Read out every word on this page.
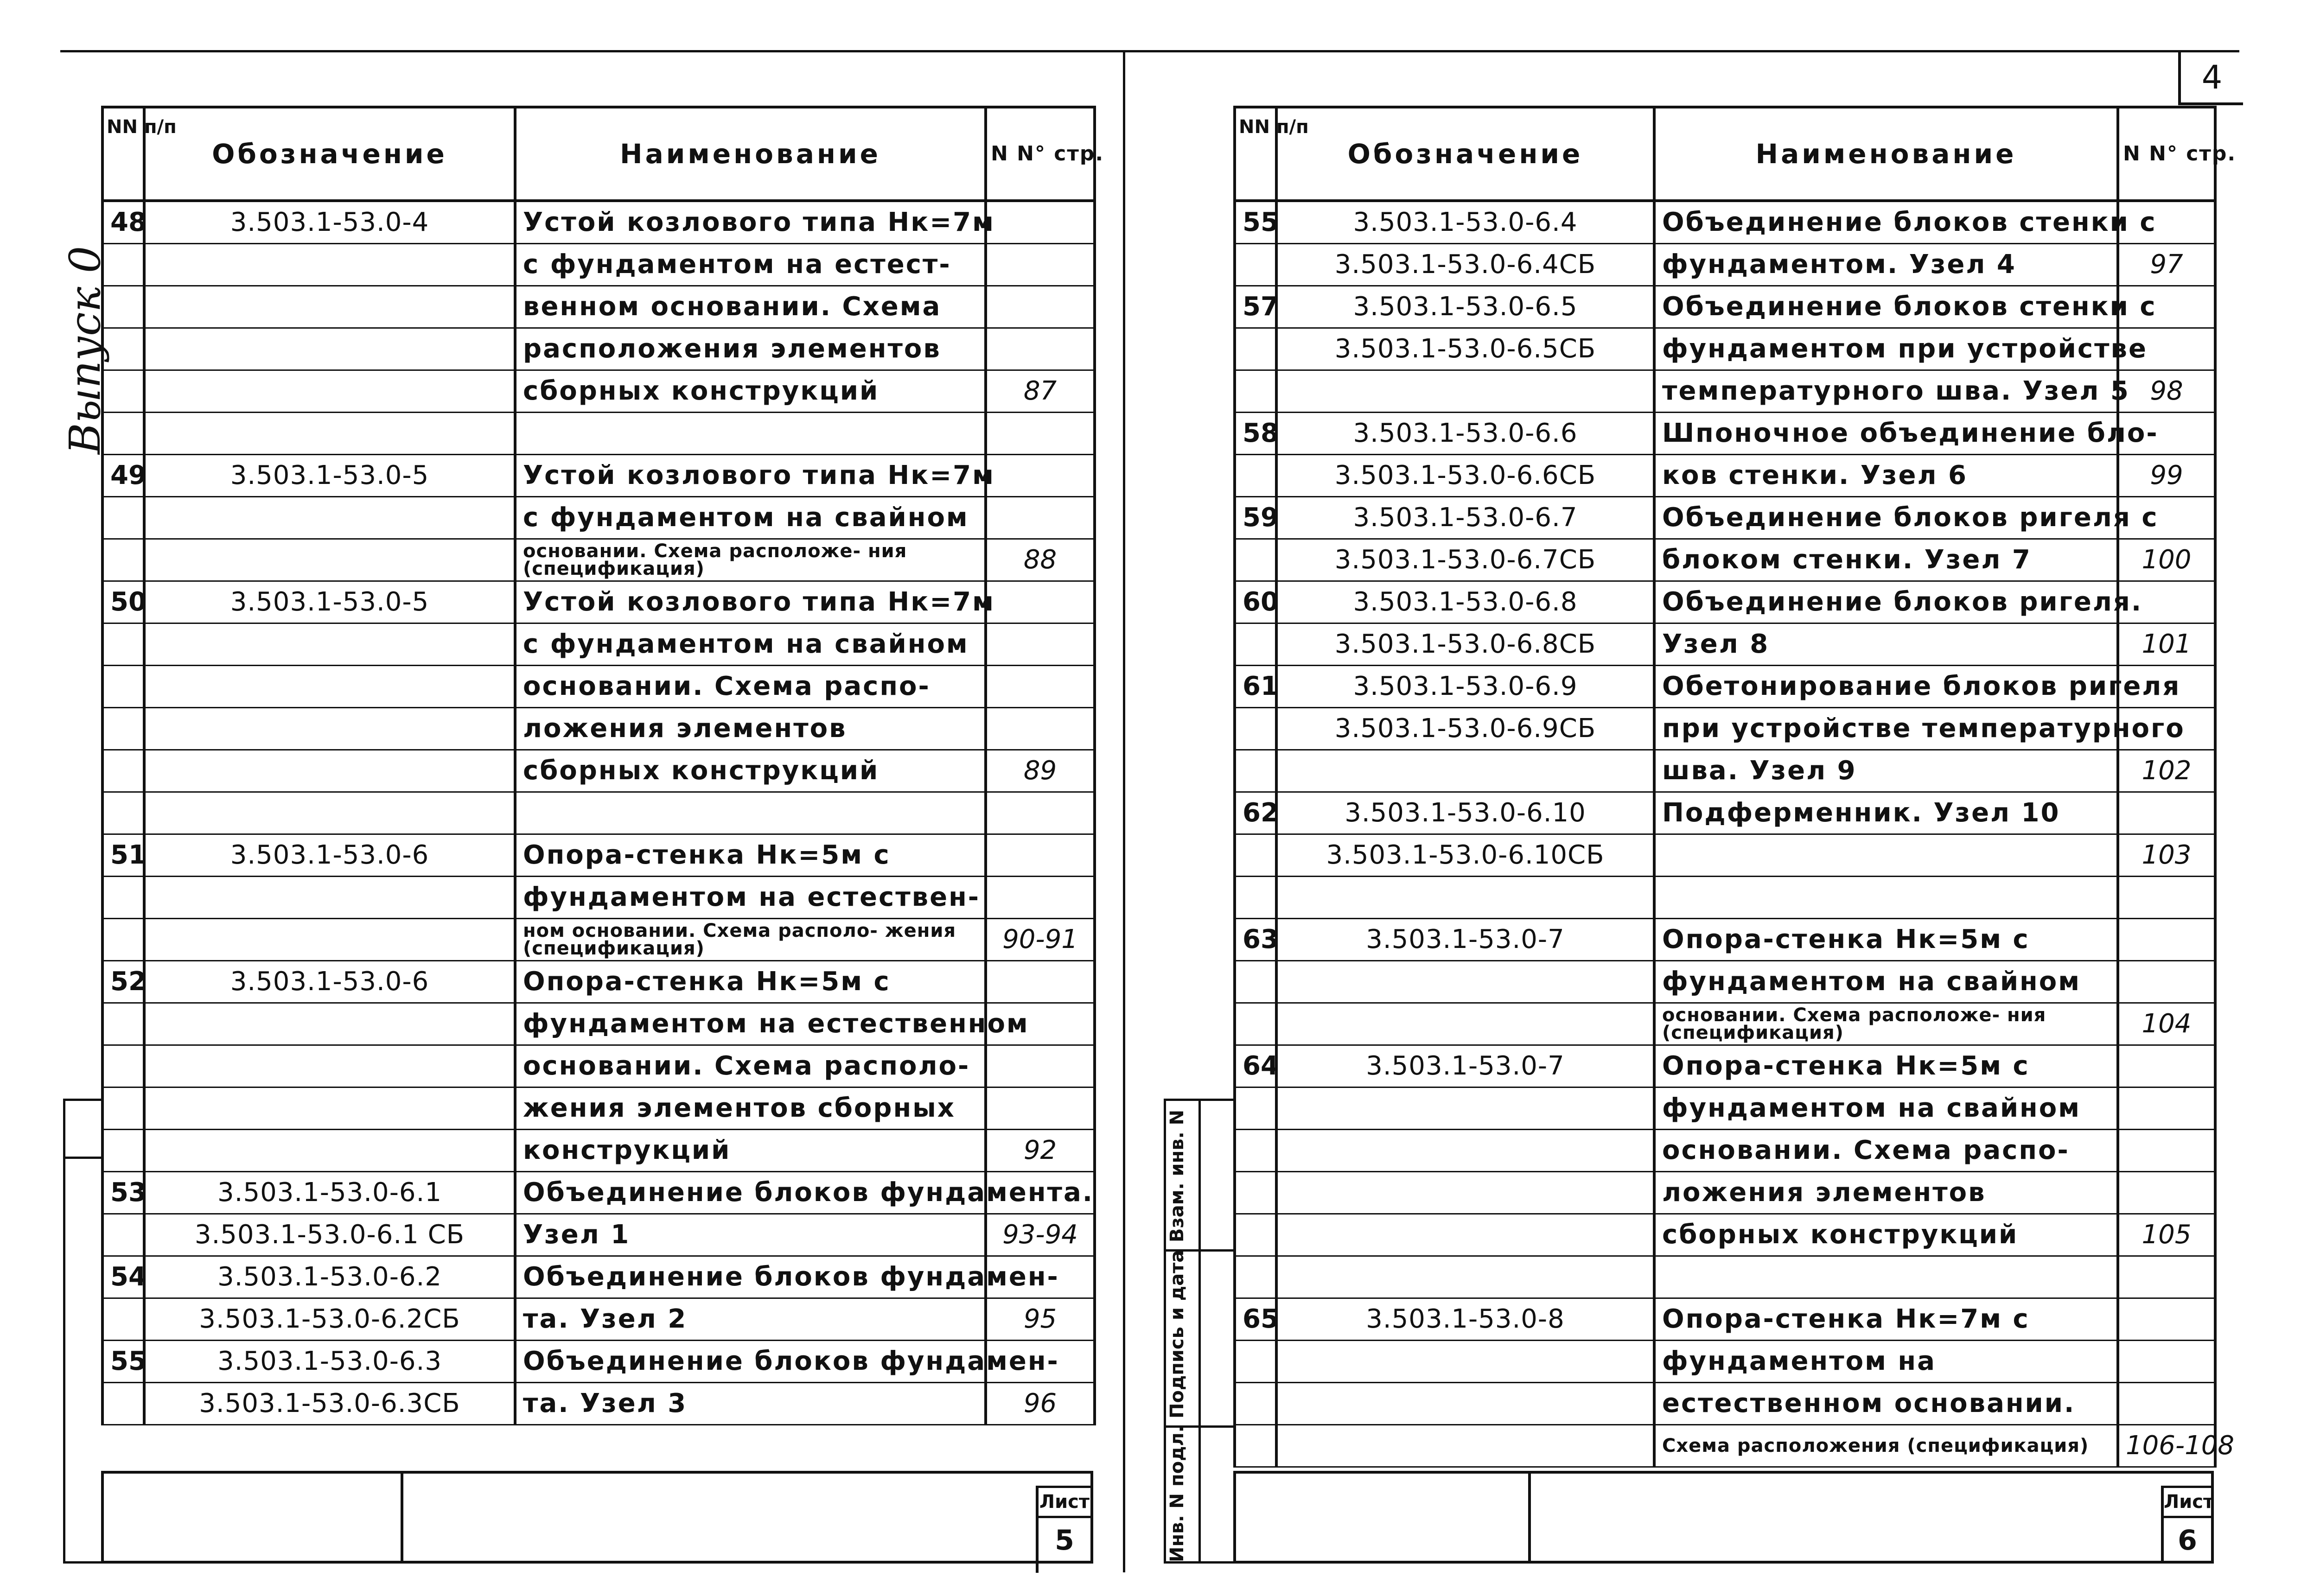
Выпуск 0
NN п/п	Обозначение	Наименование	N N° стр.
48	3.503.1-53.0-4	Устой козлового типа Нк=7м	
		с фундаментом на естест-	
		венном основании. Схема	
		расположения элементов	
		сборных конструкций	87

49	3.503.1-53.0-5	Устой козлового типа Нк=7м	
		с фундаментом на свайном	
		основании. Схема расположе- ния (спецификация)	88
50	3.503.1-53.0-5	Устой козлового типа Нк=7м	
		с фундаментом на свайном	
		основании. Схема распо-	
		ложения элементов	
		сборных конструкций	89

51	3.503.1-53.0-6	Опора-стенка Нк=5м с	
		фундаментом на естествен-	
		ном основании. Схема располо- жения (спецификация)	90-91
52	3.503.1-53.0-6	Опора-стенка Нк=5м с	
		фундаментом на естественном	
		основании. Схема располо-	
		жения элементов сборных	
		конструкций	92
53	3.503.1-53.0-6.1	Объединение блоков фундамента.	
	3.503.1-53.0-6.1 СБ	Узел 1	93-94
54	3.503.1-53.0-6.2	Объединение блоков фундамен-	
	3.503.1-53.0-6.2СБ	та. Узел 2	95
55	3.503.1-53.0-6.3	Объединение блоков фундамен-	
	3.503.1-53.0-6.3СБ	та. Узел 3	96
Лист
5
4
NN п/п	Обозначение	Наименование	N N° стр.
55	3.503.1-53.0-6.4	Объединение блоков стенки с	
	3.503.1-53.0-6.4СБ	фундаментом. Узел 4	97
57	3.503.1-53.0-6.5	Объединение блоков стенки с	
	3.503.1-53.0-6.5СБ	фундаментом при устройстве	
		температурного шва. Узел 5	98
58	3.503.1-53.0-6.6	Шпоночное объединение бло-	
	3.503.1-53.0-6.6СБ	ков стенки. Узел 6	99
59	3.503.1-53.0-6.7	Объединение блоков ригеля с	
	3.503.1-53.0-6.7СБ	блоком стенки. Узел 7	100
60	3.503.1-53.0-6.8	Объединение блоков ригеля.	
	3.503.1-53.0-6.8СБ	Узел 8	101
61	3.503.1-53.0-6.9	Обетонирование блоков ригеля	
	3.503.1-53.0-6.9СБ	при устройстве температурного	
		шва. Узел 9	102
62	3.503.1-53.0-6.10	Подферменник. Узел 10	
	3.503.1-53.0-6.10СБ		103

63	3.503.1-53.0-7	Опора-стенка Нк=5м с	
		фундаментом на свайном	
		основании. Схема расположе- ния (спецификация)	104
64	3.503.1-53.0-7	Опора-стенка Нк=5м с	
		фундаментом на свайном	
		основании. Схема распо-	
		ложения элементов	
		сборных конструкций	105

65	3.503.1-53.0-8	Опора-стенка Нк=7м с	
		фундаментом на	
		естественном основании.	
		Схема расположения (спецификация)	106-108
Лист
6
Инв. N подл.
Подпись и дата
Взам. инв. N
